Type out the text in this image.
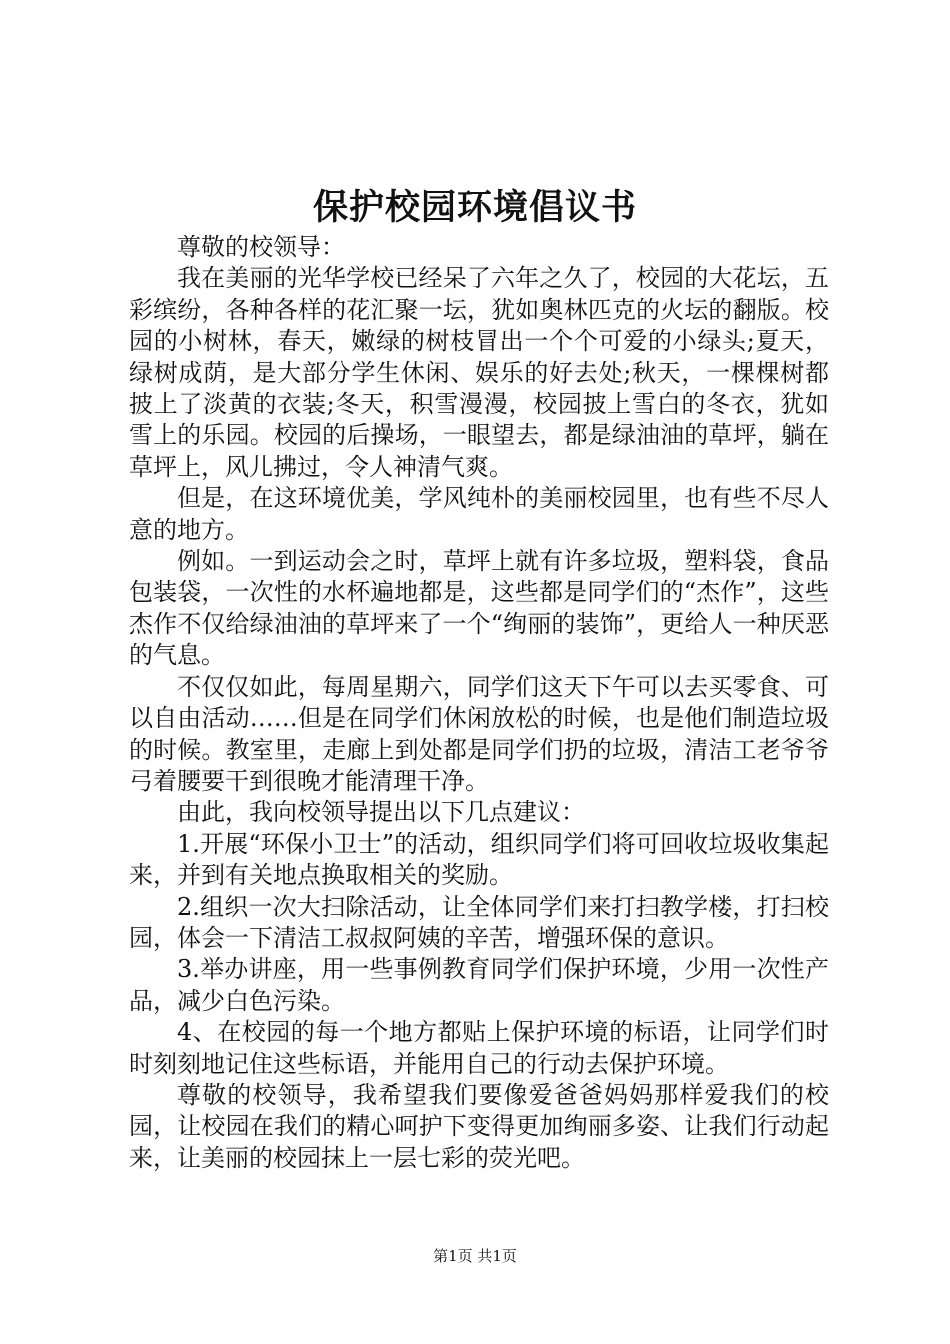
保护校园环境倡议书

尊敬的校领导：

我在美丽的光华学校已经呆了六年之久了，校园的大花坛，五彩缤纷，各种各样的花汇聚一坛，犹如奥林匹克的火坛的翻版。校园的小树林，春天，嫩绿的树枝冒出一个个可爱的小绿头;夏天，绿树成荫，是大部分学生休闲、娱乐的好去处;秋天，一棵棵树都披上了淡黄的衣装;冬天，积雪漫漫，校园披上雪白的冬衣，犹如雪上的乐园。校园的后操场，一眼望去，都是绿油油的草坪，躺在草坪上，风儿拂过，令人神清气爽。

但是，在这环境优美，学风纯朴的美丽校园里，也有些不尽人意的地方。

例如。一到运动会之时，草坪上就有许多垃圾，塑料袋，食品包装袋，一次性的水杯遍地都是，这些都是同学们的“杰作”，这些杰作不仅给绿油油的草坪来了一个“绚丽的装饰”，更给人一种厌恶的气息。

不仅仅如此，每周星期六，同学们这天下午可以去买零食、可以自由活动……但是在同学们休闲放松的时候，也是他们制造垃圾的时候。教室里，走廊上到处都是同学们扔的垃圾，清洁工老爷爷弓着腰要干到很晚才能清理干净。

由此，我向校领导提出以下几点建议：

1.开展“环保小卫士”的活动，组织同学们将可回收垃圾收集起来，并到有关地点换取相关的奖励。

2.组织一次大扫除活动，让全体同学们来打扫教学楼，打扫校园，体会一下清洁工叔叔阿姨的辛苦，增强环保的意识。

3.举办讲座，用一些事例教育同学们保护环境，少用一次性产品，减少白色污染。

4、在校园的每一个地方都贴上保护环境的标语，让同学们时时刻刻地记住这些标语，并能用自己的行动去保护环境。

尊敬的校领导，我希望我们要像爱爸爸妈妈那样爱我们的校园，让校园在我们的精心呵护下变得更加绚丽多姿、让我们行动起来，让美丽的校园抹上一层七彩的荧光吧。

第1页 共1页
